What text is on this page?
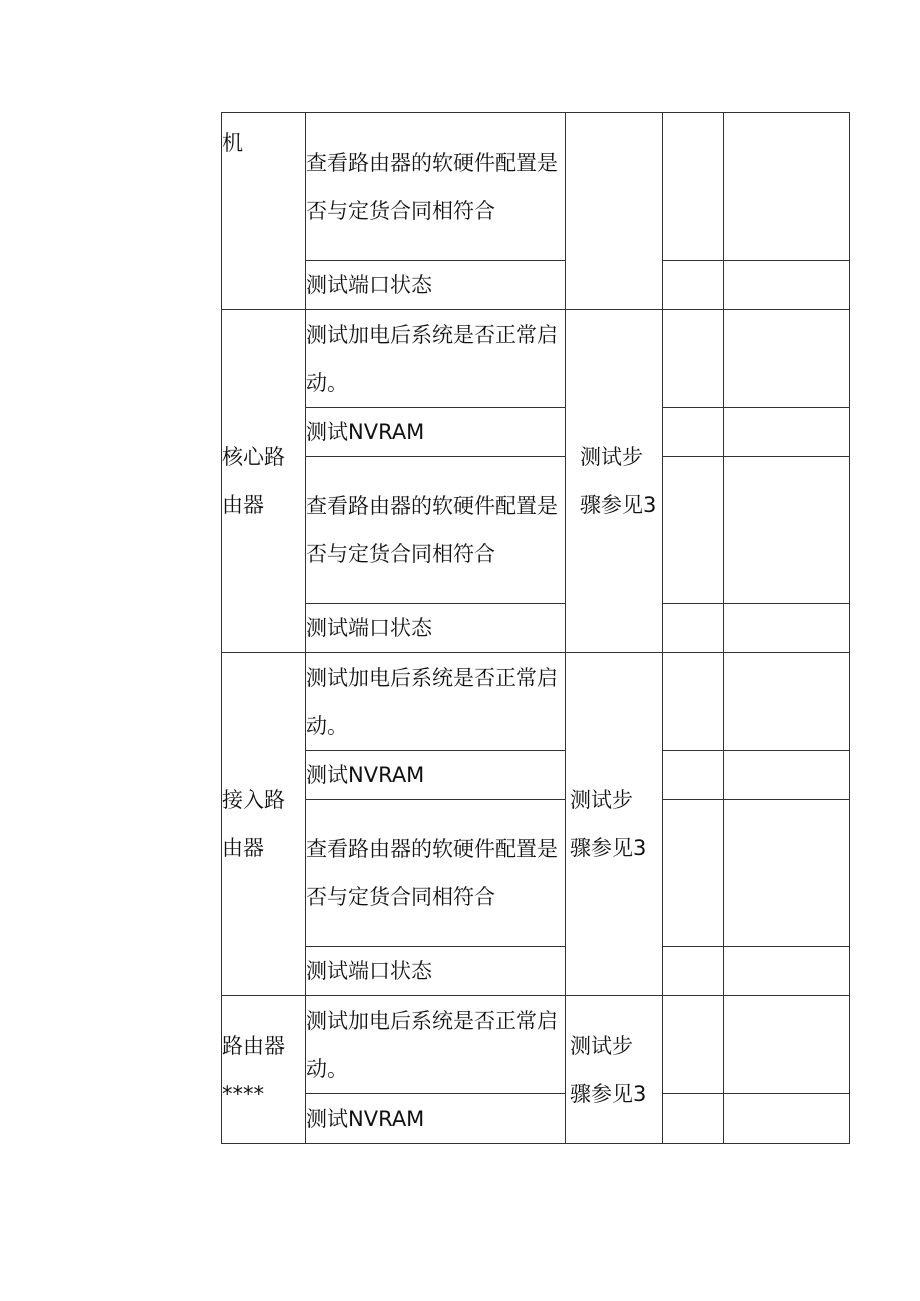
机	查看路由器的软硬件配置是否与定货合同相符合			

	测试端口状态			

核心路由器	测试加电后系统是否正常启动。	测试步骤参见3		

	测试NVRAM			

	查看路由器的软硬件配置是否与定货合同相符合			

	测试端口状态			

接入路由器	测试加电后系统是否正常启动。	测试步骤参见3		

	测试NVRAM			

	查看路由器的软硬件配置是否与定货合同相符合			

	测试端口状态			

路由器****	测试加电后系统是否正常启动。	测试步骤参见3		

	测试NVRAM			
